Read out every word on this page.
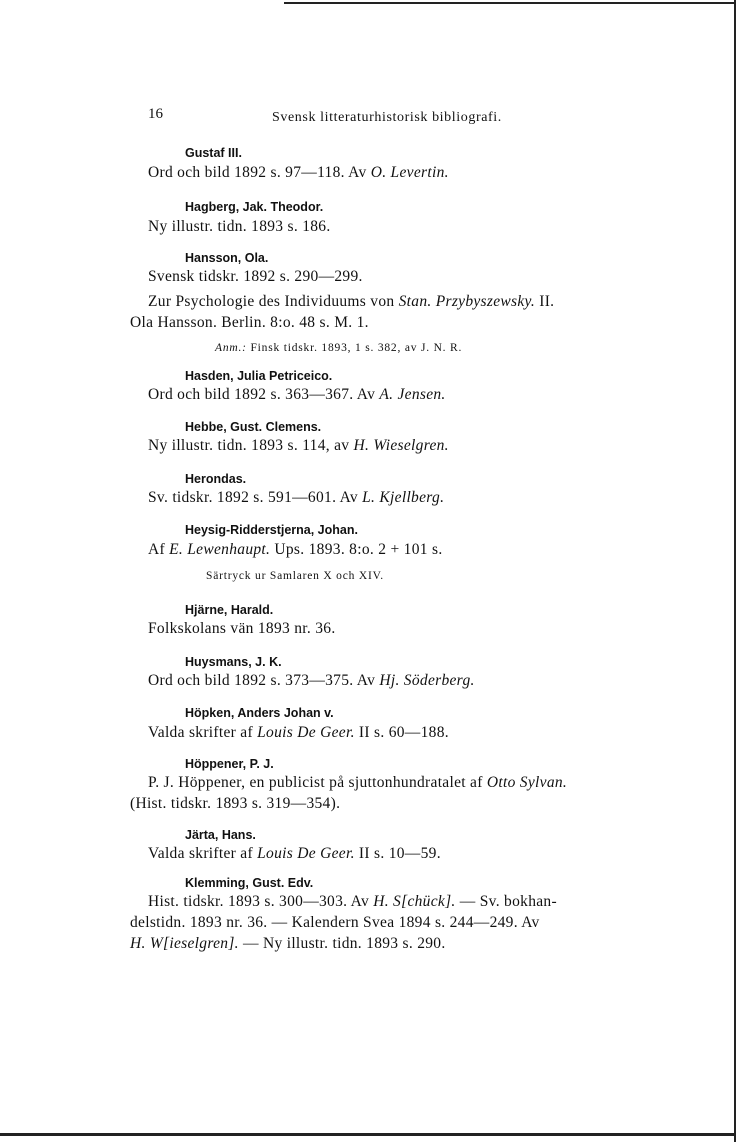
16	Svensk litteraturhistorisk bibliografi.
Gustaf III.
Ord och bild 1892 s. 97—118. Av O. Levertin.
Hagberg, Jak. Theodor.
Ny illustr. tidn. 1893 s. 186.
Hansson, Ola.
Svensk tidskr. 1892 s. 290—299.
Zur Psychologie des Individuums von Stan. Przybyszewsky. II.
Ola Hansson. Berlin. 8:o. 48 s. M. 1.
Anm.: Finsk tidskr. 1893, 1 s. 382, av J. N. R.
Hasden, Julia Petriceico.
Ord och bild 1892 s. 363—367. Av A. Jensen.
Hebbe, Gust. Clemens.
Ny illustr. tidn. 1893 s. 114, av H. Wieselgren.
Herondas.
Sv. tidskr. 1892 s. 591—601. Av L. Kjellberg.
Heysig-Ridderstjerna, Johan.
Af E. Lewenhaupt. Ups. 1893. 8:o. 2 + 101 s.
Särtryck ur Samlaren X och XIV.
Hjärne, Harald.
Folkskolans vän 1893 nr. 36.
Huysmans, J. K.
Ord och bild 1892 s. 373—375. Av Hj. Söderberg.
Höpken, Anders Johan v.
Valda skrifter af Louis De Geer. II s. 60—188.
Höppener, P. J.
P. J. Höppener, en publicist på sjuttonhundratalet af Otto Sylvan.
(Hist. tidskr. 1893 s. 319—354).
Järta, Hans.
Valda skrifter af Louis De Geer. II s. 10—59.
Klemming, Gust. Edv.
Hist. tidskr. 1893 s. 300—303. Av H. S[chück]. — Sv. bokhan-
delstidn. 1893 nr. 36. — Kalendern Svea 1894 s. 244—249. Av
H. W[ieselgren]. — Ny illustr. tidn. 1893 s. 290.
